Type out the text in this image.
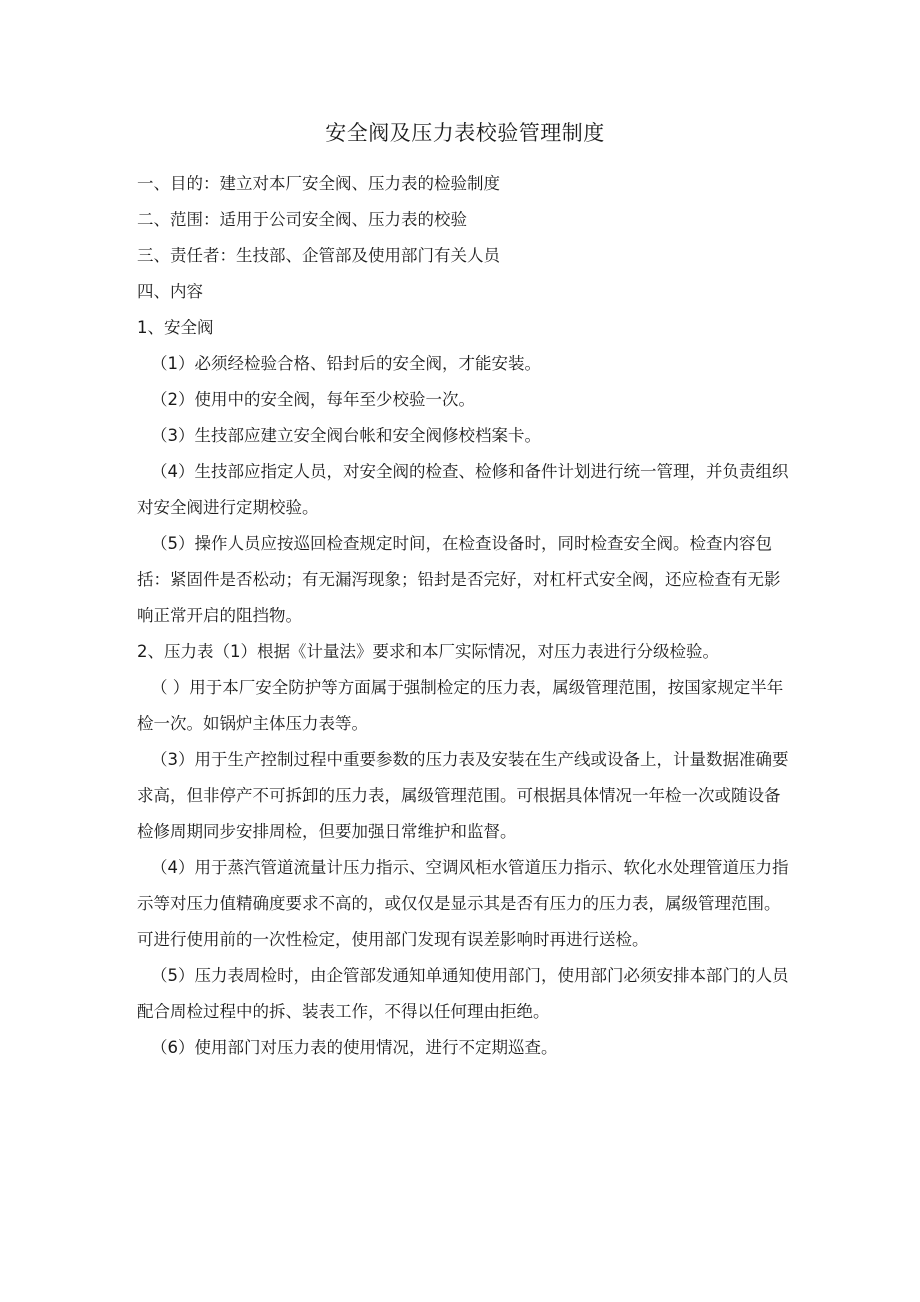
安全阀及压力表校验管理制度

一、目的：建立对本厂安全阀、压力表的检验制度

二、范围：适用于公司安全阀、压力表的校验

三、责任者：生技部、企管部及使用部门有关人员

四、内容

1、安全阀

（1）必须经检验合格、铅封后的安全阀，才能安装。

（2）使用中的安全阀，每年至少校验一次。

（3）生技部应建立安全阀台帐和安全阀修校档案卡。

（4）生技部应指定人员，对安全阀的检查、检修和备件计划进行统一管理，并负责组织对安全阀进行定期校验。

（5）操作人员应按巡回检查规定时间，在检查设备时，同时检查安全阀。检查内容包括：紧固件是否松动；有无漏泻现象；铅封是否完好，对杠杆式安全阀，还应检查有无影响正常开启的阻挡物。

2、压力表（1）根据《计量法》要求和本厂实际情况，对压力表进行分级检验。

（ ）用于本厂安全防护等方面属于强制检定的压力表，属级管理范围，按国家规定半年检一次。如锅炉主体压力表等。

（3）用于生产控制过程中重要参数的压力表及安装在生产线或设备上，计量数据准确要求高，但非停产不可拆卸的压力表，属级管理范围。可根据具体情况一年检一次或随设备检修周期同步安排周检，但要加强日常维护和监督。

（4）用于蒸汽管道流量计压力指示、空调风柜水管道压力指示、软化水处理管道压力指示等对压力值精确度要求不高的，或仅仅是显示其是否有压力的压力表，属级管理范围。可进行使用前的一次性检定，使用部门发现有误差影响时再进行送检。

（5）压力表周检时，由企管部发通知单通知使用部门，使用部门必须安排本部门的人员配合周检过程中的拆、装表工作，不得以任何理由拒绝。

（6）使用部门对压力表的使用情况，进行不定期巡查。
